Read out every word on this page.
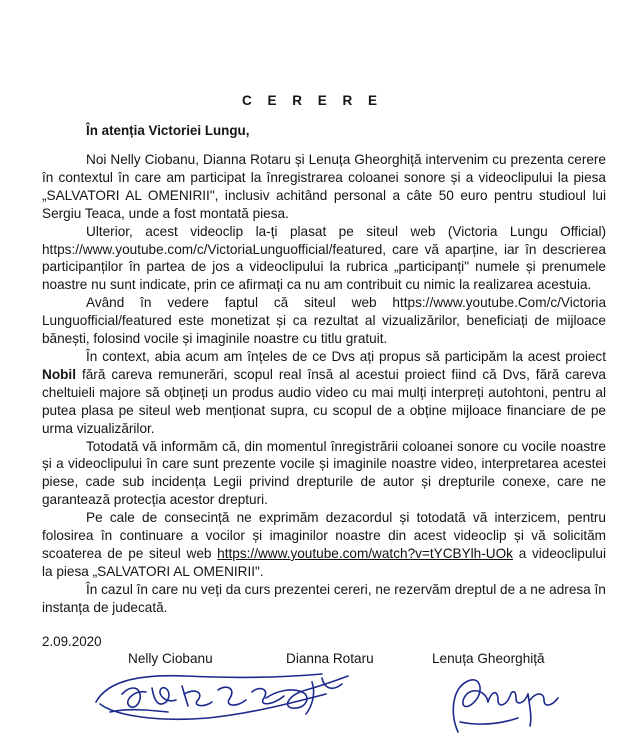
C E R E R E
În atenția Victoriei Lungu,

Noi Nelly Ciobanu, Dianna Rotaru și Lenuța Gheorghiță intervenim cu prezenta cerere în contextul în care am participat la înregistrarea coloanei sonore și a videoclipului la piesa „SALVATORI AL OMENIRII", inclusiv achitând personal a câte 50 euro pentru studioul lui Sergiu Teaca, unde a fost montată piesa.

Ulterior, acest videoclip la-ți plasat pe siteul web (Victoria Lungu Official) https://www.youtube.com/c/VictoriaLunguofficial/featured, care vă aparține, iar în descrierea participanților în partea de jos a videoclipului la rubrica „participanți" numele și prenumele noastre nu sunt indicate, prin ce afirmați ca nu am contribuit cu nimic la realizarea acestuia.

Având în vedere faptul că siteul web https://www.youtube.Com/c/Victoria Lunguofficial/featured este monetizat și ca rezultat al vizualizărilor, beneficiați de mijloace bănești, folosind vocile și imaginile noastre cu titlu gratuit.

În context, abia acum am înțeles de ce Dvs ați propus să participăm la acest proiect Nobil fără careva remunerări, scopul real însă al acestui proiect fiind că Dvs, fără careva cheltuieli majore să obțineți un produs audio video cu mai mulți interpreți autohtoni, pentru al putea plasa pe siteul web menționat supra, cu scopul de a obține mijloace financiare de pe urma vizualizărilor.

Totodată vă informăm că, din momentul înregistrării coloanei sonore cu vocile noastre și a videoclipului în care sunt prezente vocile și imaginile noastre video, interpretarea acestei piese, cade sub incidența Legii privind drepturile de autor și drepturile conexe, care ne garantează protecția acestor drepturi.

Pe cale de consecință ne exprimăm dezacordul și totodată vă interzicem, pentru folosirea în continuare a vocilor și imaginilor noastre din acest videoclip și vă solicităm scoaterea de pe siteul web https://www.youtube.com/watch?v=tYCBYlh-UOk a videoclipului la piesa „SALVATORI AL OMENIRII".

În cazul în care nu veți da curs prezentei cereri, ne rezervăm dreptul de a ne adresa în instanța de judecată.

2.09.2020
Nelly Ciobanu	Dianna Rotaru	Lenuța Gheorghiță
